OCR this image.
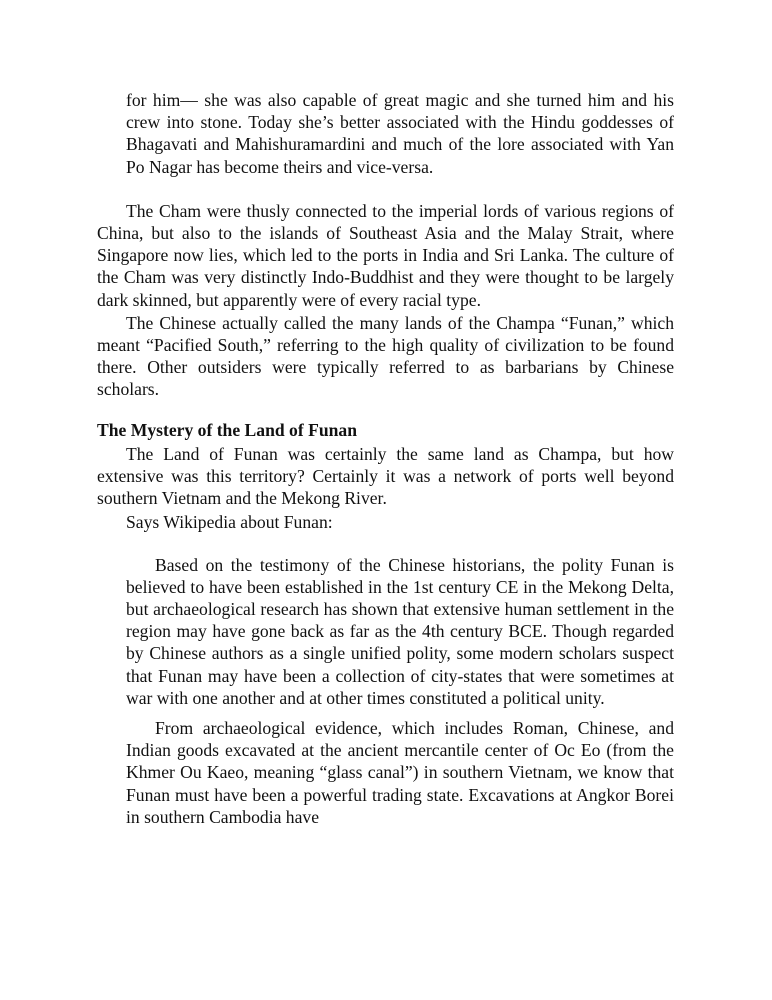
for him— she was also capable of great magic and she turned him and his crew into stone. Today she’s better associated with the Hindu goddesses of Bhagavati and Mahishuramardini and much of the lore associated with Yan Po Nagar has become theirs and vice-versa.

The Cham were thusly connected to the imperial lords of various regions of China, but also to the islands of Southeast Asia and the Malay Strait, where Singapore now lies, which led to the ports in India and Sri Lanka. The culture of the Cham was very distinctly Indo-Buddhist and they were thought to be largely dark skinned, but apparently were of every racial type.

The Chinese actually called the many lands of the Champa “Funan,” which meant “Pacified South,” referring to the high quality of civilization to be found there. Other outsiders were typically referred to as barbarians by Chinese scholars.

The Mystery of the Land of Funan

The Land of Funan was certainly the same land as Champa, but how extensive was this territory? Certainly it was a network of ports well beyond southern Vietnam and the Mekong River.

Says Wikipedia about Funan:

Based on the testimony of the Chinese historians, the polity Funan is believed to have been established in the 1st century CE in the Mekong Delta, but archaeological research has shown that extensive human settlement in the region may have gone back as far as the 4th century BCE. Though regarded by Chinese authors as a single unified polity, some modern scholars suspect that Funan may have been a collection of city-states that were sometimes at war with one another and at other times constituted a political unity.

From archaeological evidence, which includes Roman, Chinese, and Indian goods excavated at the ancient mercantile center of Oc Eo (from the Khmer Ou Kaeo, meaning “glass canal”) in southern Vietnam, we know that Funan must have been a powerful trading state. Excavations at Angkor Borei in southern Cambodia have
